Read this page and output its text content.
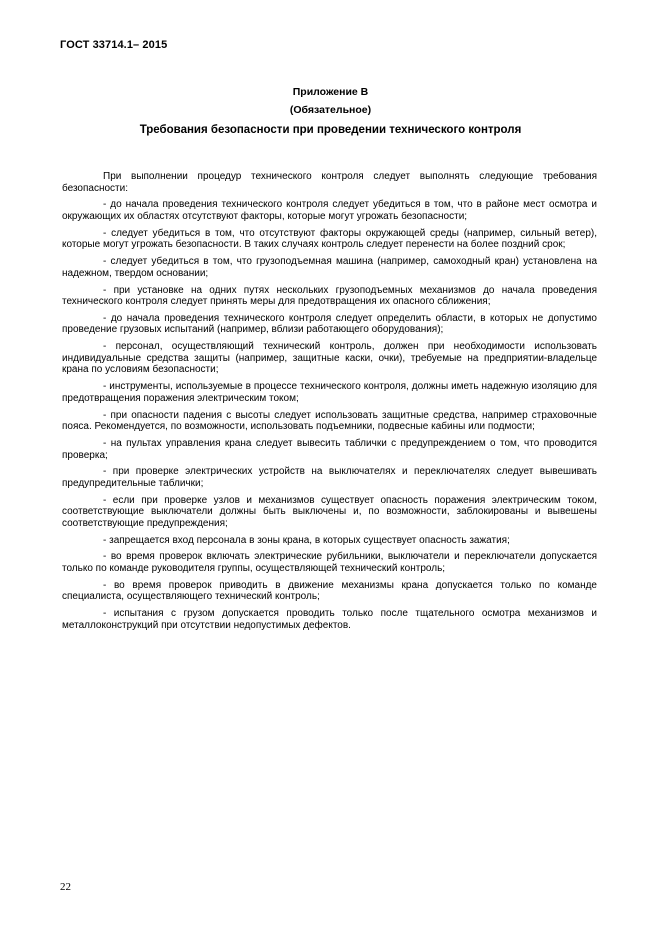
ГОСТ 33714.1– 2015
Приложение В
(Обязательное)
Требования безопасности при проведении технического контроля

При выполнении процедур технического контроля следует выполнять следующие требования безопасности:

- до начала проведения технического контроля следует убедиться в том, что в районе мест осмотра и окружающих их областях отсутствуют факторы, которые могут угрожать безопасности;

- следует убедиться в том, что отсутствуют факторы окружающей среды (например, сильный ветер), которые могут угрожать безопасности. В таких случаях контроль следует перенести на более поздний срок;

- следует убедиться в том, что грузоподъемная машина (например, самоходный кран) установлена на надежном, твердом основании;

- при установке на одних путях нескольких грузоподъемных механизмов до начала проведения технического контроля следует принять меры для предотвращения их опасного сближения;

- до начала проведения технического контроля следует определить области, в которых не допустимо проведение грузовых испытаний (например, вблизи работающего оборудования);

- персонал, осуществляющий технический контроль, должен при необходимости использовать индивидуальные средства защиты (например, защитные каски, очки), требуемые на предприятии-владельце крана по условиям безопасности;

- инструменты, используемые в процессе технического контроля, должны иметь надежную изоляцию для предотвращения поражения электрическим током;

- при опасности падения с высоты следует использовать защитные средства, например страховочные пояса. Рекомендуется, по возможности, использовать подъемники, подвесные кабины или подмости;

- на пультах управления крана следует вывесить таблички с предупреждением о том, что проводится проверка;

- при проверке электрических устройств на выключателях и переключателях следует вывешивать предупредительные таблички;

- если при проверке узлов и механизмов существует опасность поражения электрическим током, соответствующие выключатели должны быть выключены и, по возможности, заблокированы и вывешены соответствующие предупреждения;

- запрещается вход персонала в зоны крана, в которых существует опасность зажатия;

- во время проверок включать электрические рубильники, выключатели и переключатели допускается только по команде руководителя группы, осуществляющей технический контроль;

- во время проверок приводить в движение механизмы крана допускается только по команде специалиста, осуществляющего технический контроль;

- испытания с грузом допускается проводить только после тщательного осмотра механизмов и металлоконструкций при отсутствии недопустимых дефектов.

22
